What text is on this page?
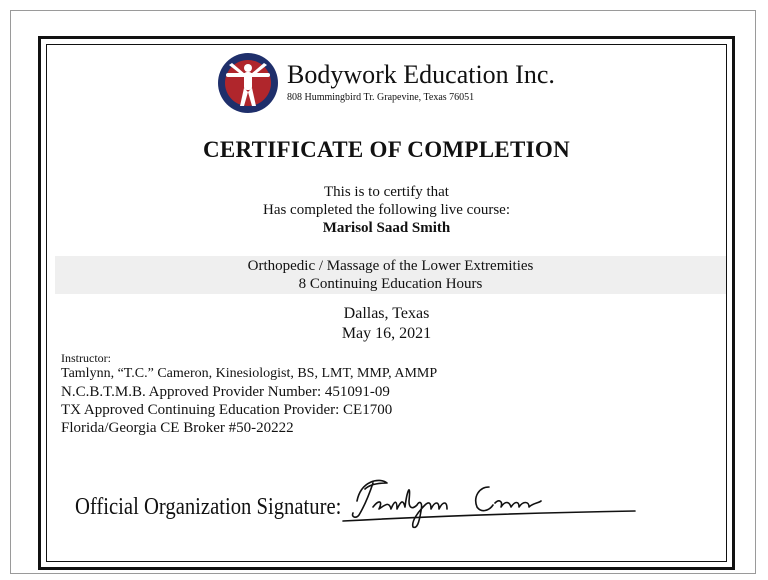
Bodywork Education Inc.
808 Hummingbird Tr. Grapevine, Texas 76051
CERTIFICATE OF COMPLETION
This is to certify that
Has completed the following live course:
Marisol Saad Smith
Orthopedic / Massage of the Lower Extremities
8 Continuing Education Hours
Dallas, Texas
May 16, 2021
Instructor:
Tamlynn, “T.C.” Cameron, Kinesiologist, BS, LMT, MMP, AMMP
N.C.B.T.M.B. Approved Provider Number: 451091-09
TX Approved Continuing Education Provider: CE1700
Florida/Georgia CE Broker #50-20222
Official Organization Signature:
